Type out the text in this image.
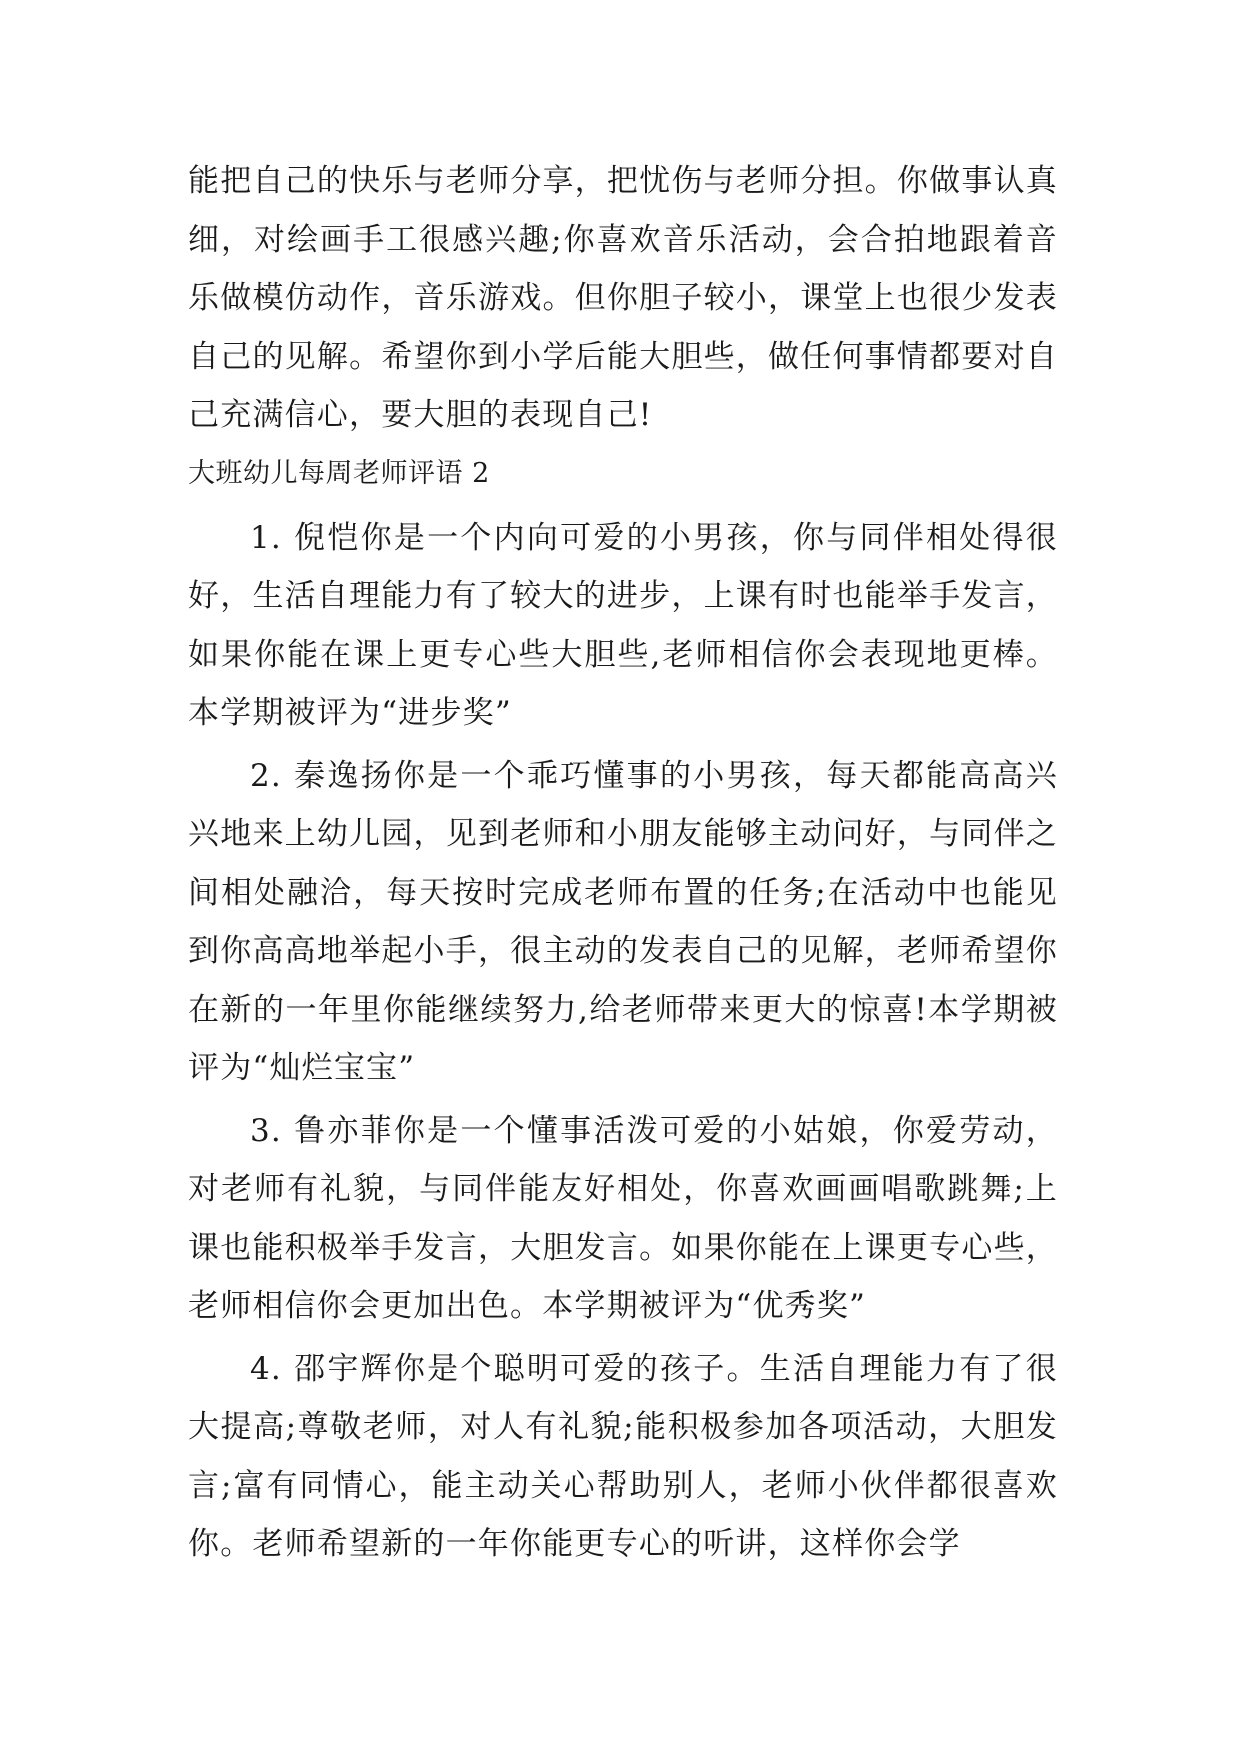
能把自己的快乐与老师分享，把忧伤与老师分担。你做事认真细，对绘画手工很感兴趣;你喜欢音乐活动，会合拍地跟着音乐做模仿动作，音乐游戏。但你胆子较小，课堂上也很少发表自己的见解。希望你到小学后能大胆些，做任何事情都要对自己充满信心，要大胆的表现自己!

大班幼儿每周老师评语 2

1. 倪恺你是一个内向可爱的小男孩，你与同伴相处得很好，生活自理能力有了较大的进步，上课有时也能举手发言，如果你能在课上更专心些大胆些,老师相信你会表现地更棒。本学期被评为“进步奖”

2. 秦逸扬你是一个乖巧懂事的小男孩，每天都能高高兴兴地来上幼儿园，见到老师和小朋友能够主动问好，与同伴之间相处融洽，每天按时完成老师布置的任务;在活动中也能见到你高高地举起小手，很主动的发表自己的见解，老师希望你在新的一年里你能继续努力,给老师带来更大的惊喜!本学期被评为“灿烂宝宝”

3. 鲁亦菲你是一个懂事活泼可爱的小姑娘，你爱劳动，对老师有礼貌，与同伴能友好相处，你喜欢画画唱歌跳舞;上课也能积极举手发言，大胆发言。如果你能在上课更专心些，老师相信你会更加出色。本学期被评为“优秀奖”

4. 邵宇辉你是个聪明可爱的孩子。生活自理能力有了很大提高;尊敬老师，对人有礼貌;能积极参加各项活动，大胆发言;富有同情心，能主动关心帮助别人，老师小伙伴都很喜欢你。老师希望新的一年你能更专心的听讲，这样你会学
